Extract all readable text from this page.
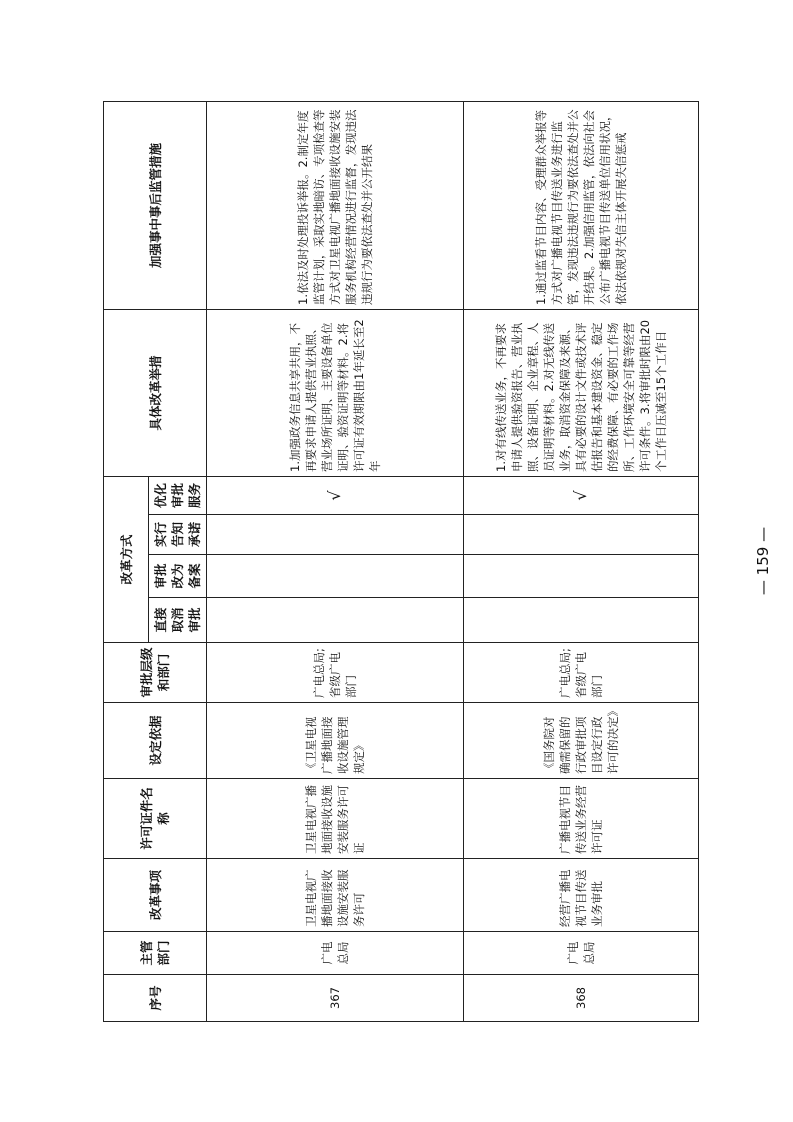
序号	主管部门	改革事项	许可证件名称	设定依据	审批层级和部门	改革方式				具体改革举措	加强事中事后监管措施
						直接取消审批	审批改为备案	实行告知承诺	优化审批服务		
367	广电总局	卫星电视广播地面接收设施安装服务许可	卫星电视广播地面接收设施安装服务许可证	《卫星电视广播地面接收设施管理规定》	广电总局;省级广电部门				√	1.加强政务信息共享共用，不再要求申请人提供营业执照、营业场所证明、主要设备单位证明、验资证明等材料。2.将许可证有效期限由1年延长至2年	1.依法及时处理投诉举报。2.制定年度监管计划，采取实地暗访、专项检查等方式对卫星电视广播地面接收设施安装服务机构经营情况进行监督，发现违法违规行为要依法查处并公开结果
368	广电总局	经营广播电视节目传送业务审批	广播电视节目传送业务经营许可证	《国务院对确需保留的行政审批项目设定行政许可的决定》	广电总局;省级广电部门				√	1.对有线传送业务，不再要求申请人提供验资报告、营业执照、设备证明、企业章程、人员证明等材料。2.对无线传送业务，取消资金保障及来源、具有必要的设计文件或技术评估报告和基本建设资金、稳定的经费保障、有必要的工作场所、工作环境安全可靠等经营许可条件。3.将审批时限由20个工作日压减至15个工作日	1.通过监看节目内容、受理群众举报等方式对广播电视节目传送业务进行监管，发现违法违规行为要依法查处并公开结果。2.加强信用监管，依法向社会公布广播电视节目传送单位信用状况，依法依规对失信主体开展失信惩戒
— 159 —
